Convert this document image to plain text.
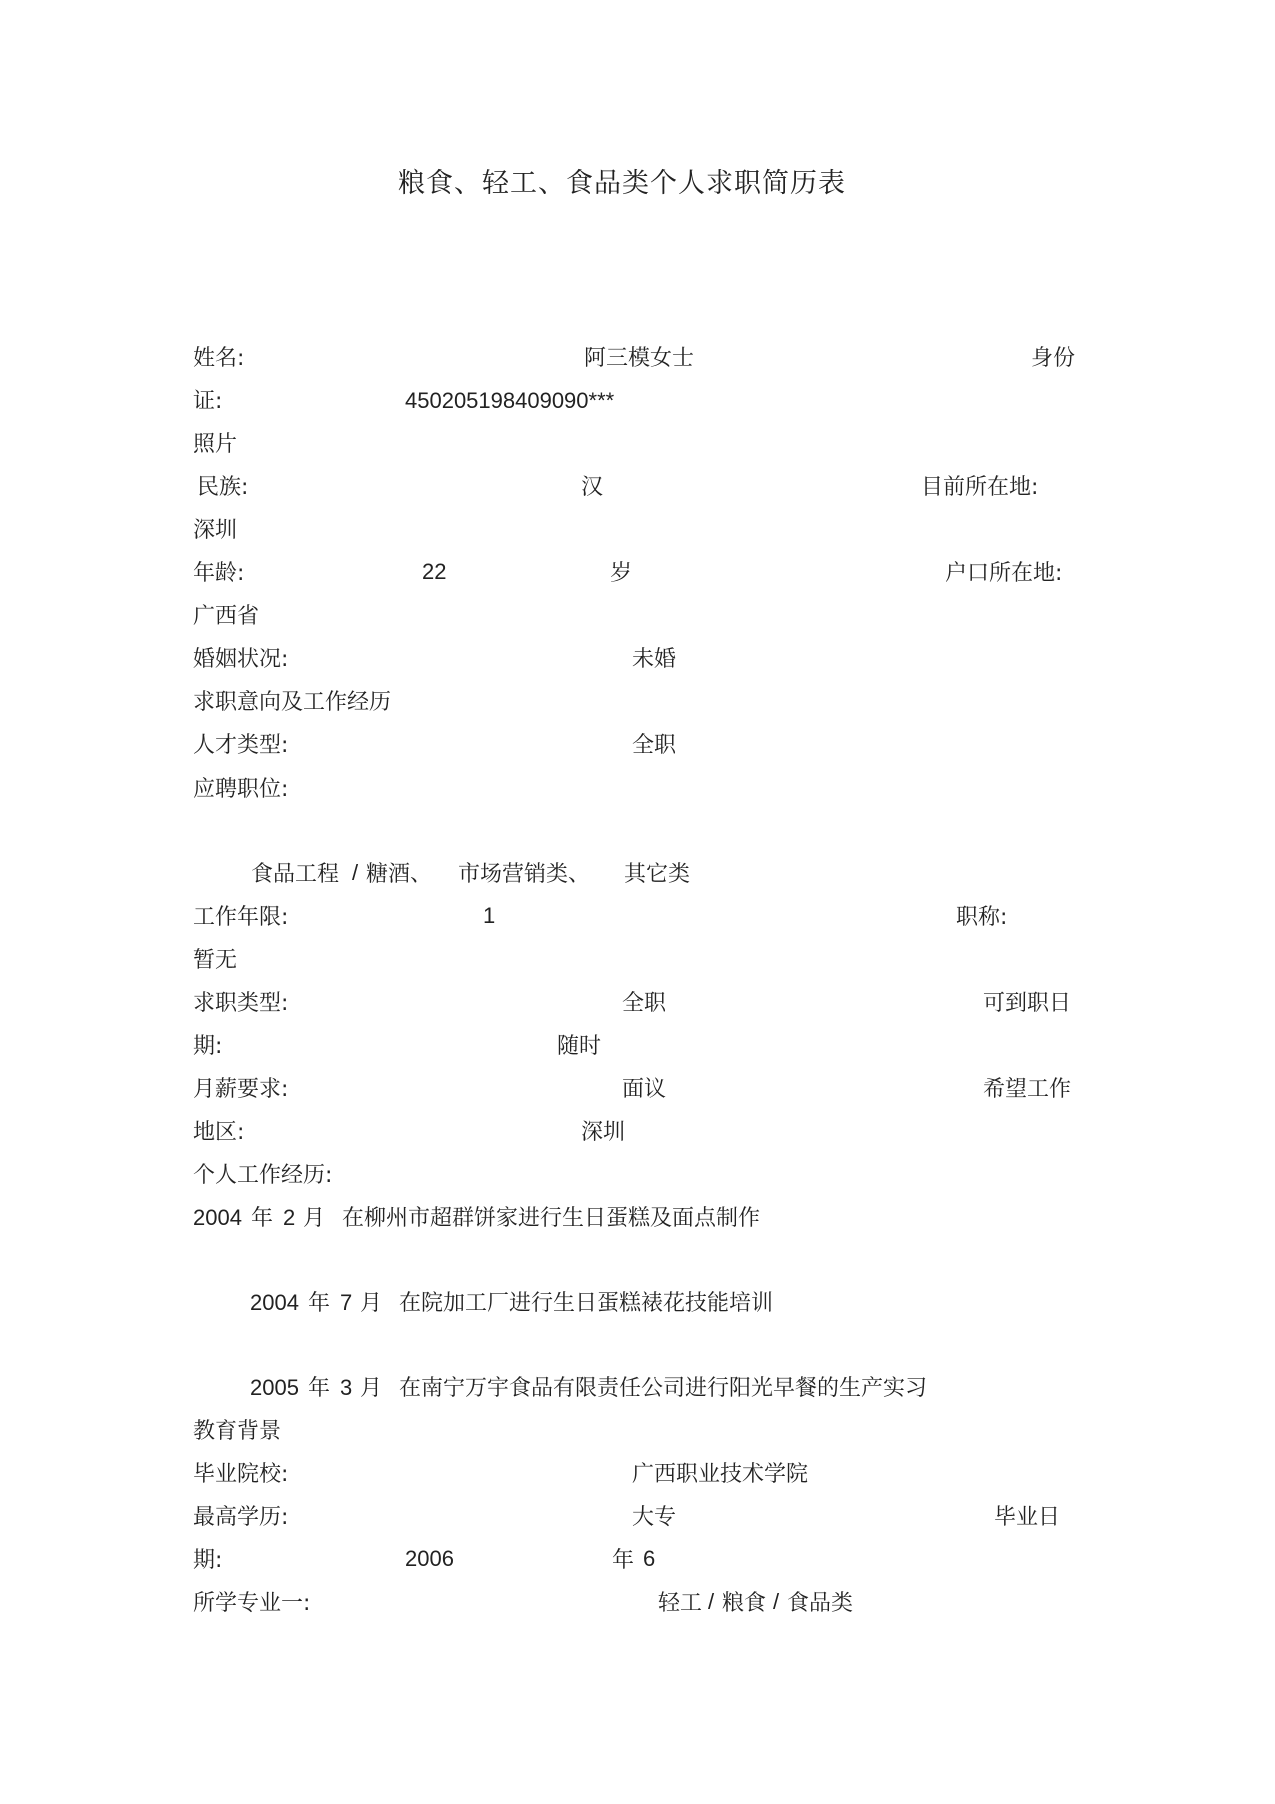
粮食、轻工、食品类个人求职简历表
姓名:	阿三模女士	身份
证:	450205198409090***
照片
民族:	汉	目前所在地:
深圳
年龄:	22	岁	户口所在地:
广西省
婚姻状况:	未婚
求职意向及工作经历
人才类型:	全职
应聘职位:
食品工程 / 糖酒、 市场营销类、 其它类
工作年限:	1	职称:
暂无
求职类型:	全职	可到职日
期:	随时
月薪要求:	面议	希望工作
地区:	深圳
个人工作经历:
2004 年 2 月 在柳州市超群饼家进行生日蛋糕及面点制作
2004 年 7 月 在院加工厂进行生日蛋糕裱花技能培训
2005 年 3 月 在南宁万宇食品有限责任公司进行阳光早餐的生产实习
教育背景
毕业院校:	广西职业技术学院
最高学历:	大专	毕业日
期:	2006	年 6
所学专业一:	轻工 / 粮食 / 食品类
